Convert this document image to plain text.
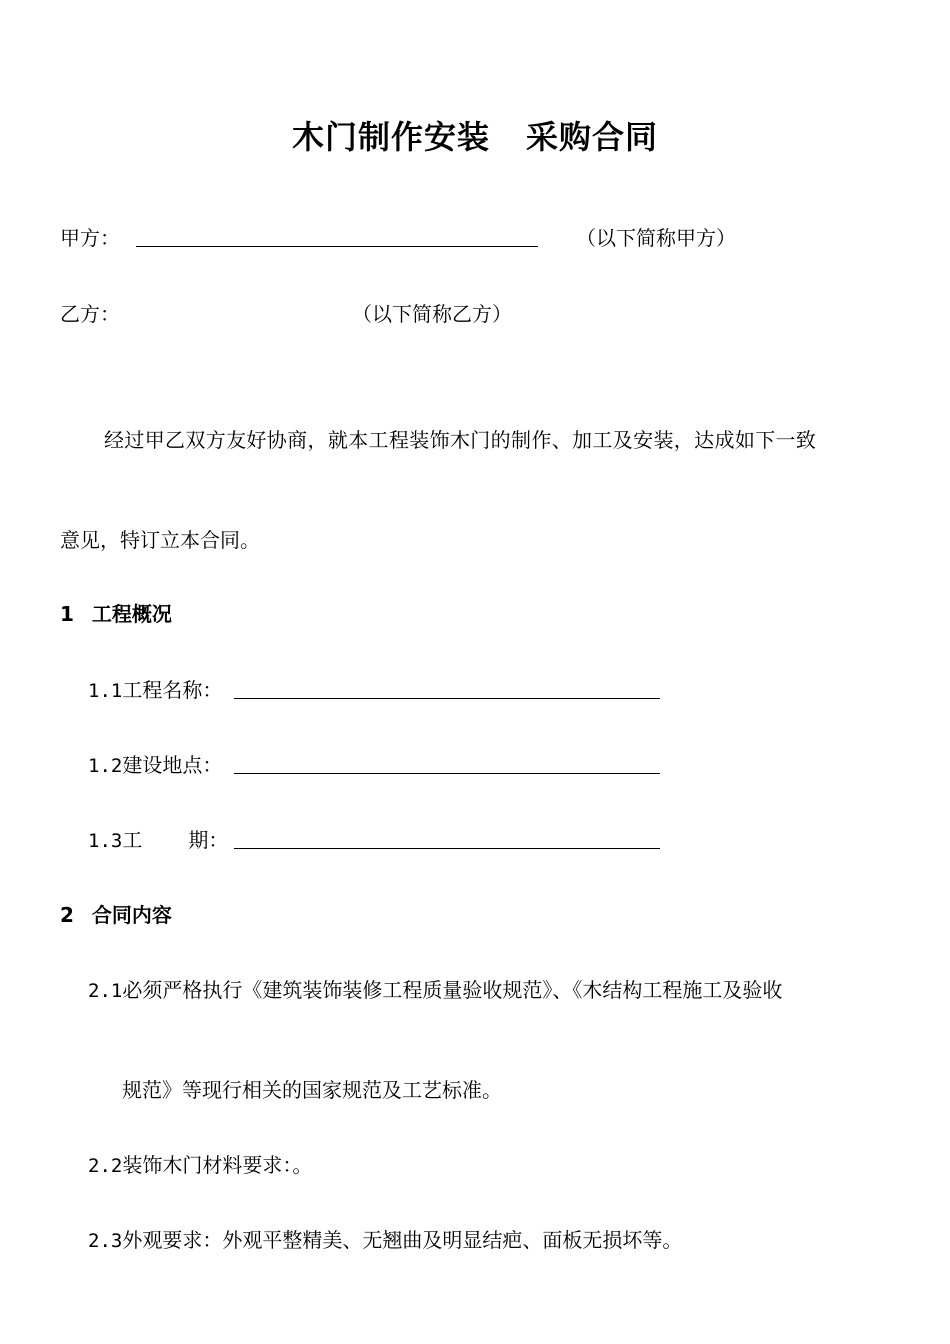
木门制作安装 采购合同
甲方：	（以下简称甲方）
乙方：	（以下简称乙方）
经过甲乙双方友好协商，就本工程装饰木门的制作、加工及安装，达成如下一致
意见，特订立本合同。
1 工程概况
1.1工程名称：
1.2建设地点：
1.3工 期：
2 合同内容
2.1必须严格执行《建筑装饰装修工程质量验收规范》、《木结构工程施工及验收
规范》等现行相关的国家规范及工艺标准。
2.2装饰木门材料要求：。
2.3外观要求：外观平整精美、无翘曲及明显结疤、面板无损坏等。
